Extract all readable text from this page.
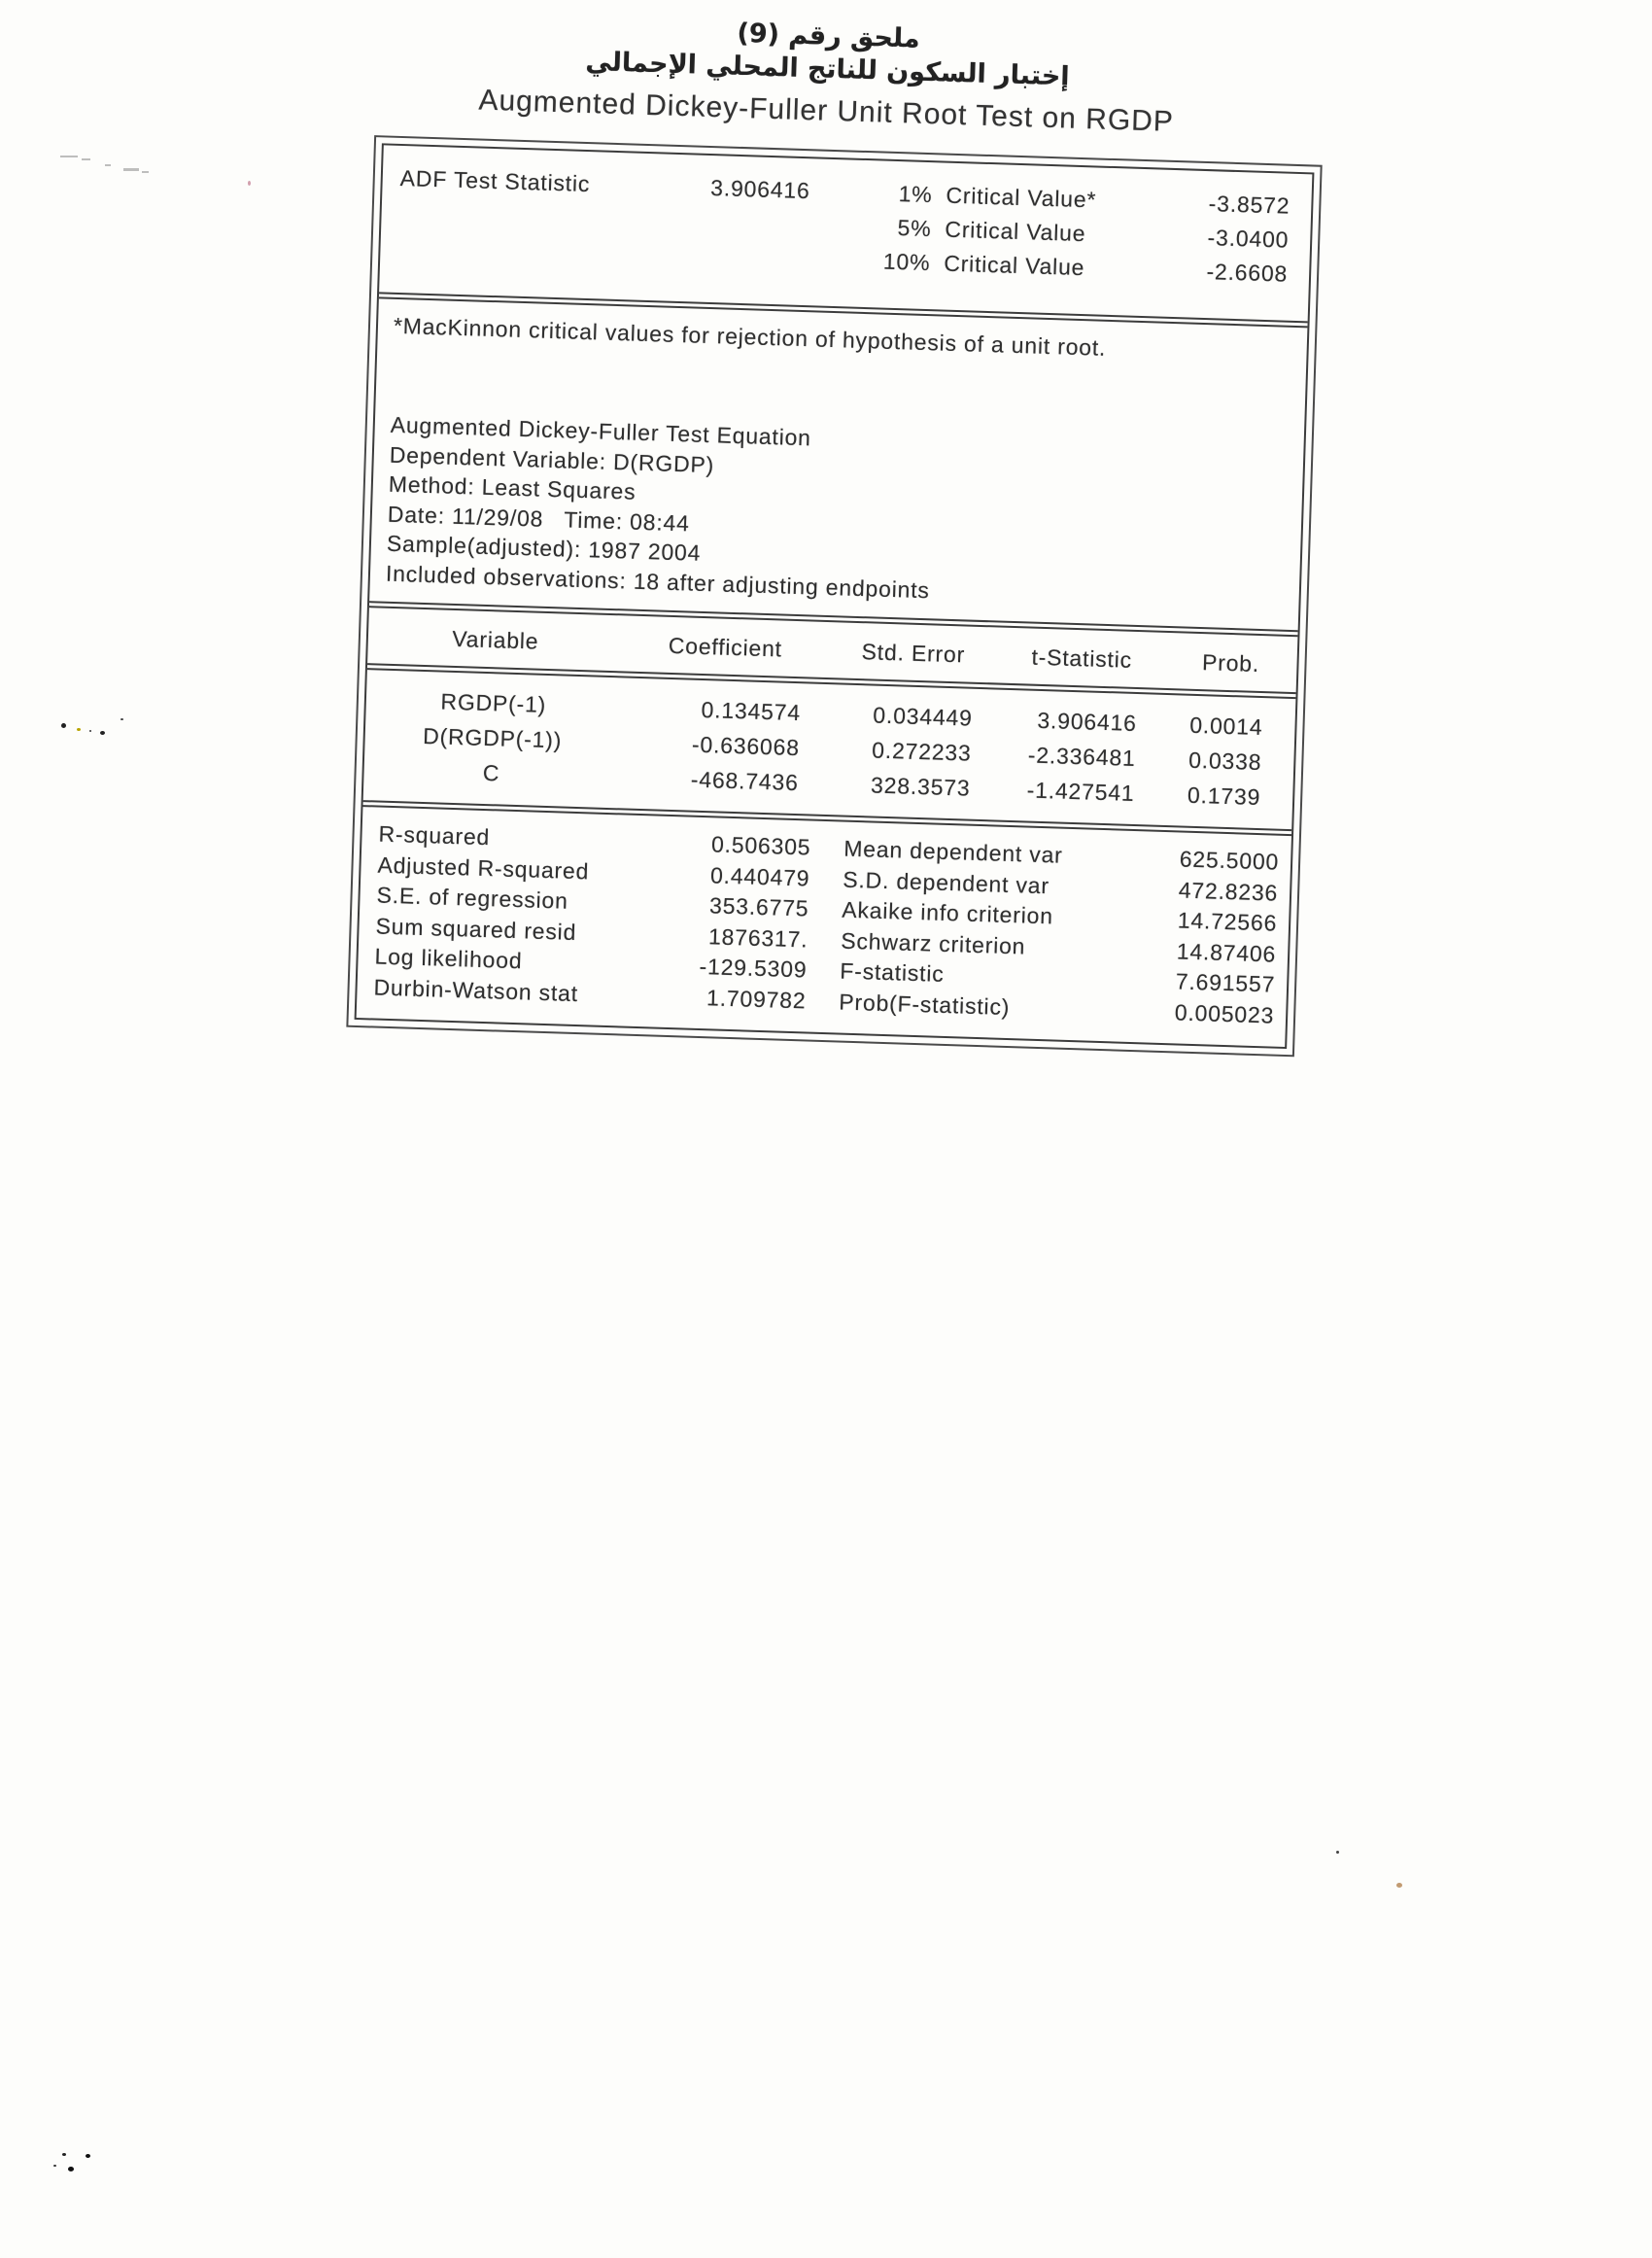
ملحق رقم (9)
إختبار السكون للناتج المحلي الإجمالي
Augmented Dickey-Fuller Unit Root Test on RGDP
ADF Test Statistic	3.906416	1% Critical Value*	-3.8572
5% Critical Value	-3.0400
10% Critical Value	-2.6608
*MacKinnon critical values for rejection of hypothesis of a unit root.
Augmented Dickey-Fuller Test Equation
Dependent Variable: D(RGDP)
Method: Least Squares
Date: 11/29/08   Time: 08:44
Sample(adjusted): 1987 2004
Included observations: 18 after adjusting endpoints
Variable	Coefficient	Std. Error	t-Statistic	Prob.
RGDP(-1)	0.134574	0.034449	3.906416	0.0014
D(RGDP(-1))	-0.636068	0.272233	-2.336481	0.0338
C	-468.7436	328.3573	-1.427541	0.1739
R-squared	0.506305	Mean dependent var	625.5000
Adjusted R-squared	0.440479	S.D. dependent var	472.8236
S.E. of regression	353.6775	Akaike info criterion	14.72566
Sum squared resid	1876317.	Schwarz criterion	14.87406
Log likelihood	-129.5309	F-statistic	7.691557
Durbin-Watson stat	1.709782	Prob(F-statistic)	0.005023
